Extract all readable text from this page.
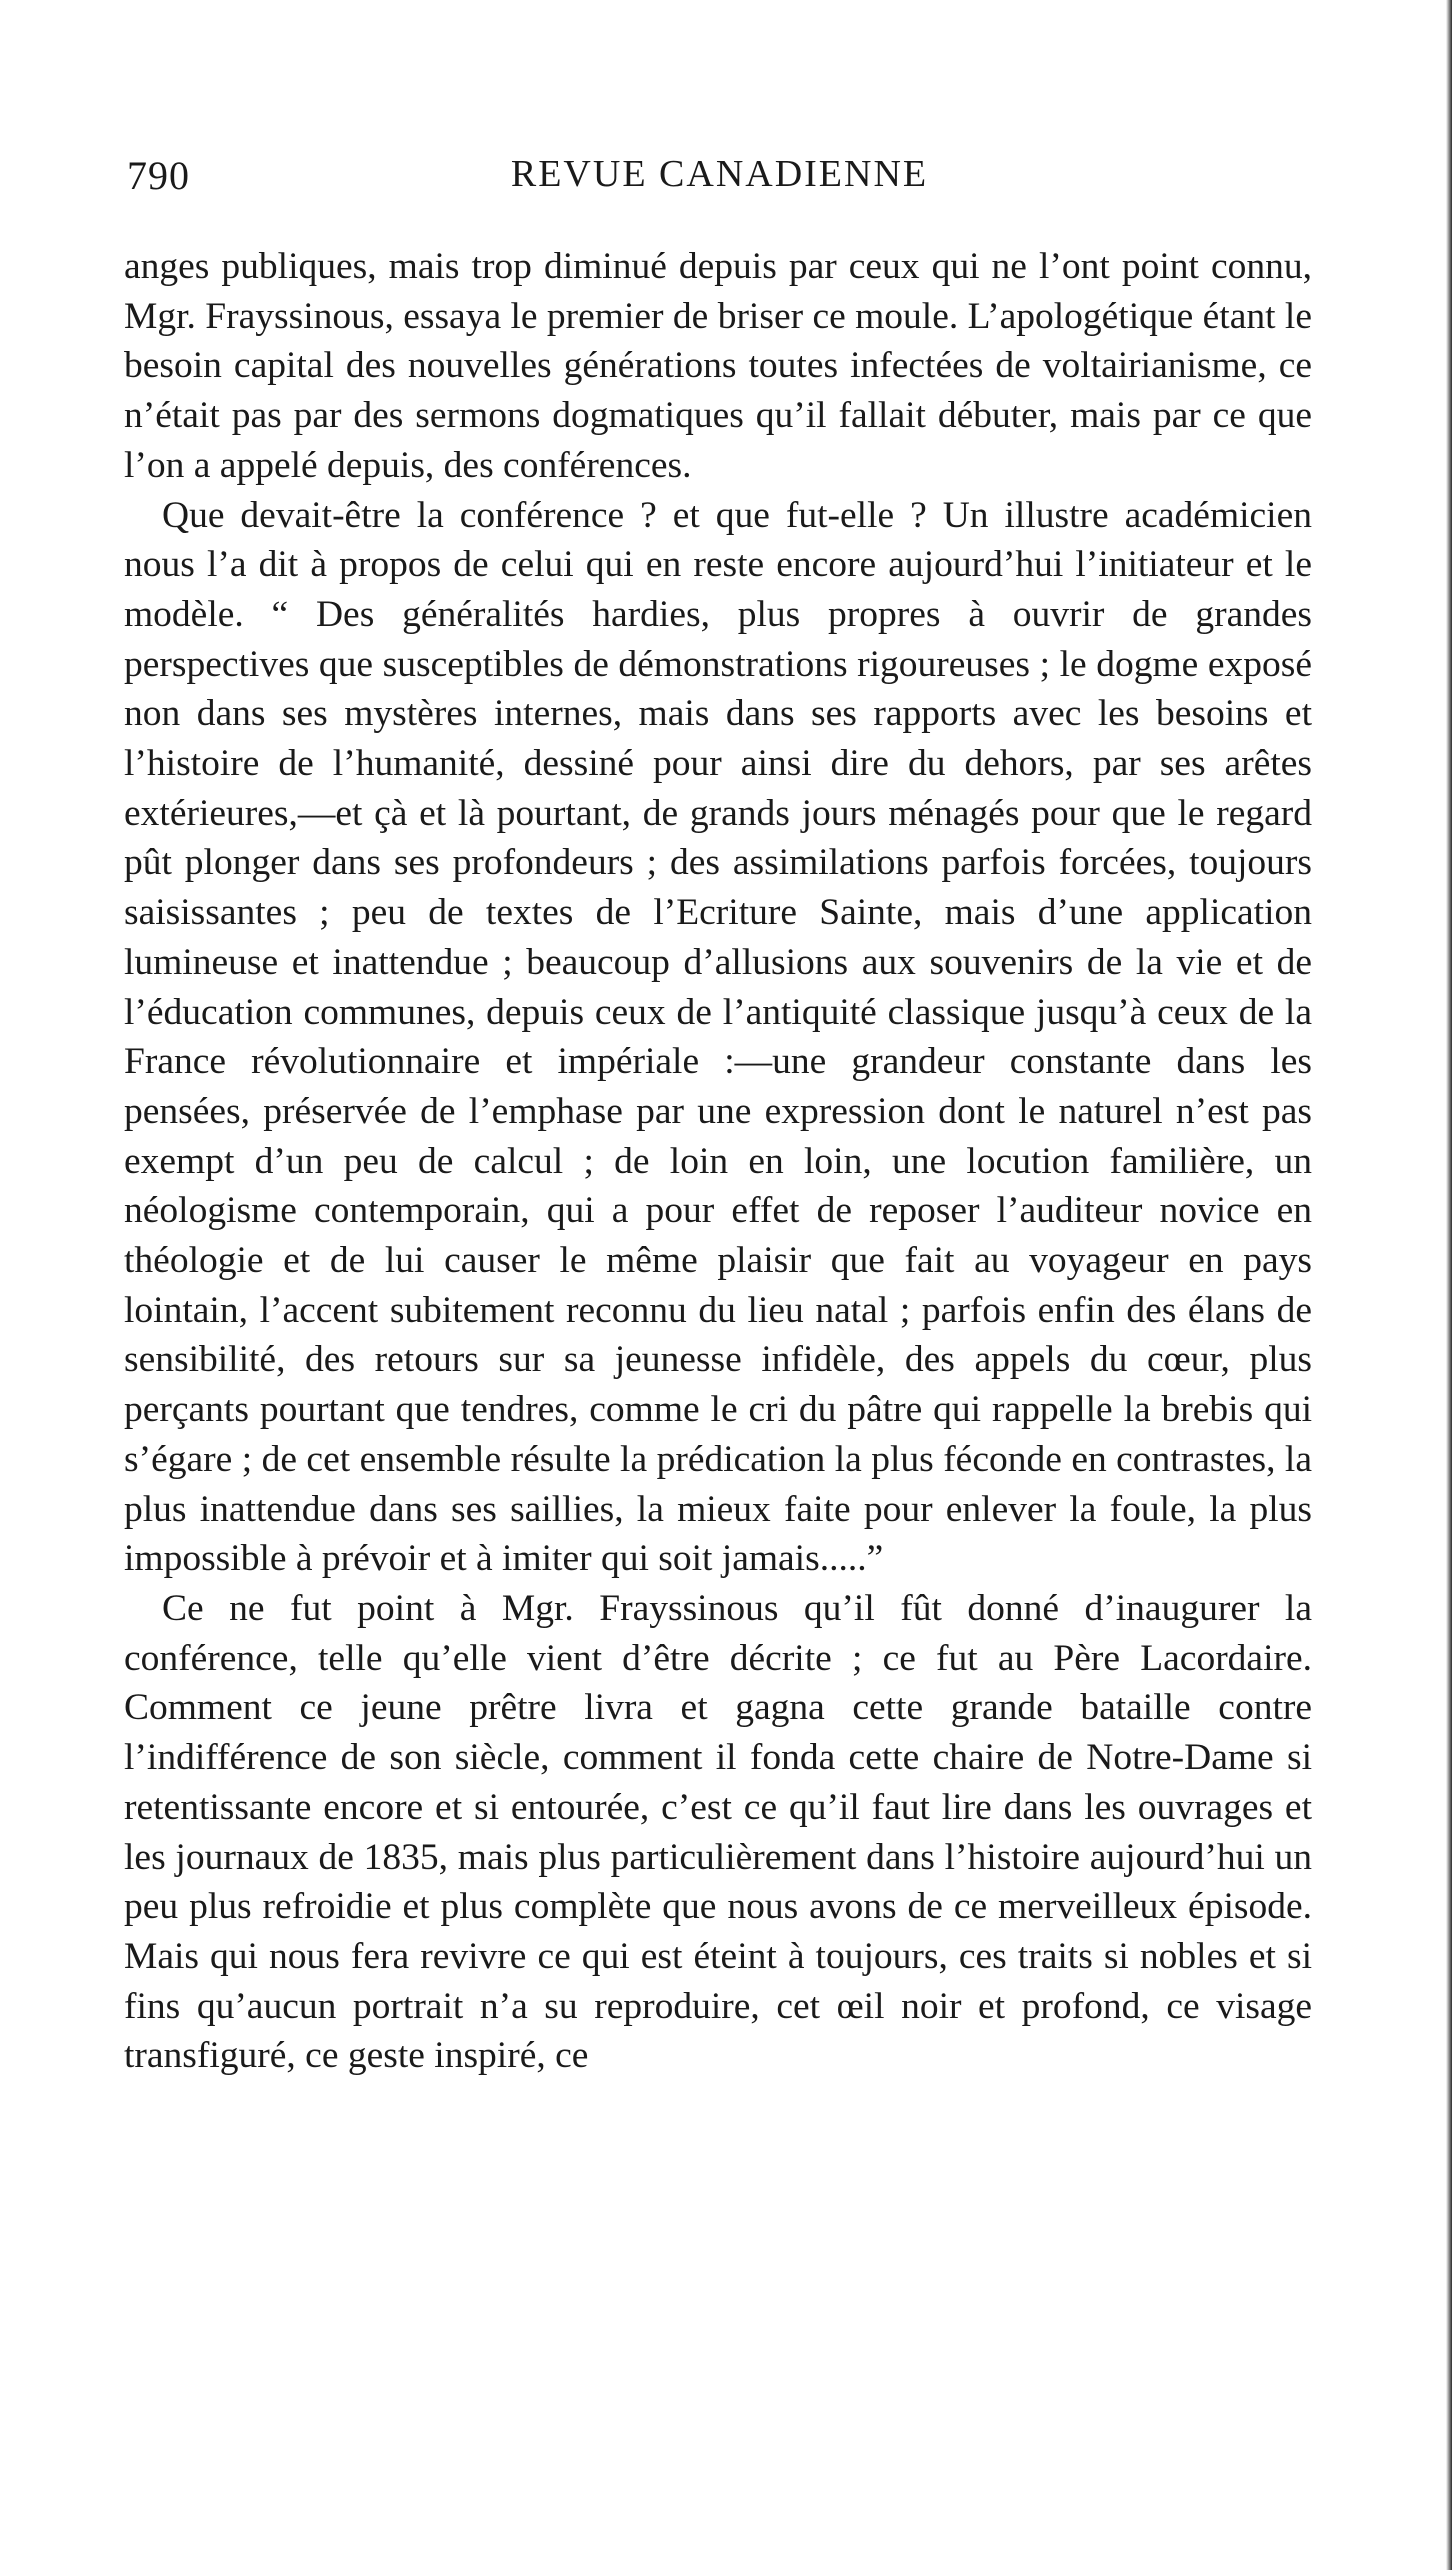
790	REVUE CANADIENNE

anges publiques, mais trop diminué depuis par ceux qui ne l’ont point connu, Mgr. Frayssinous, essaya le premier de briser ce moule. L’apologétique étant le besoin capital des nouvelles générations toutes infectées de voltairianisme, ce n’était pas par des sermons dogmatiques qu’il fallait débuter, mais par ce que l’on a appelé depuis, des conférences.

Que devait-être la conférence ? et que fut-elle ? Un illustre académicien nous l’a dit à propos de celui qui en reste encore aujourd’hui l’initiateur et le modèle. “ Des généralités hardies, plus propres à ouvrir de grandes perspectives que susceptibles de démonstrations rigoureuses ; le dogme exposé non dans ses mystères internes, mais dans ses rapports avec les besoins et l’histoire de l’humanité, dessiné pour ainsi dire du dehors, par ses arêtes extérieures,—et çà et là pourtant, de grands jours ménagés pour que le regard pût plonger dans ses profondeurs ; des assimilations parfois forcées, toujours saisissantes ; peu de textes de l’Ecriture Sainte, mais d’une application lumineuse et inattendue ; beaucoup d’allusions aux souvenirs de la vie et de l’éducation communes, depuis ceux de l’antiquité classique jusqu’à ceux de la France révolutionnaire et impériale :—une grandeur constante dans les pensées, préservée de l’emphase par une expression dont le naturel n’est pas exempt d’un peu de calcul ; de loin en loin, une locution familière, un néologisme contemporain, qui a pour effet de reposer l’auditeur novice en théologie et de lui causer le même plaisir que fait au voyageur en pays lointain, l’accent subitement reconnu du lieu natal ; parfois enfin des élans de sensibilité, des retours sur sa jeunesse infidèle, des appels du cœur, plus perçants pourtant que tendres, comme le cri du pâtre qui rappelle la brebis qui s’égare ; de cet ensemble résulte la prédication la plus féconde en contrastes, la plus inattendue dans ses saillies, la mieux faite pour enlever la foule, la plus impossible à prévoir et à imiter qui soit jamais.....”

Ce ne fut point à Mgr. Frayssinous qu’il fût donné d’inaugurer la conférence, telle qu’elle vient d’être décrite ; ce fut au Père Lacordaire. Comment ce jeune prêtre livra et gagna cette grande bataille contre l’indifférence de son siècle, comment il fonda cette chaire de Notre-Dame si retentissante encore et si entourée, c’est ce qu’il faut lire dans les ouvrages et les journaux de 1835, mais plus particulièrement dans l’histoire aujourd’hui un peu plus refroidie et plus complète que nous avons de ce merveilleux épisode. Mais qui nous fera revivre ce qui est éteint à toujours, ces traits si nobles et si fins qu’aucun portrait n’a su reproduire, cet œil noir et profond, ce visage transfiguré, ce geste inspiré, ce
